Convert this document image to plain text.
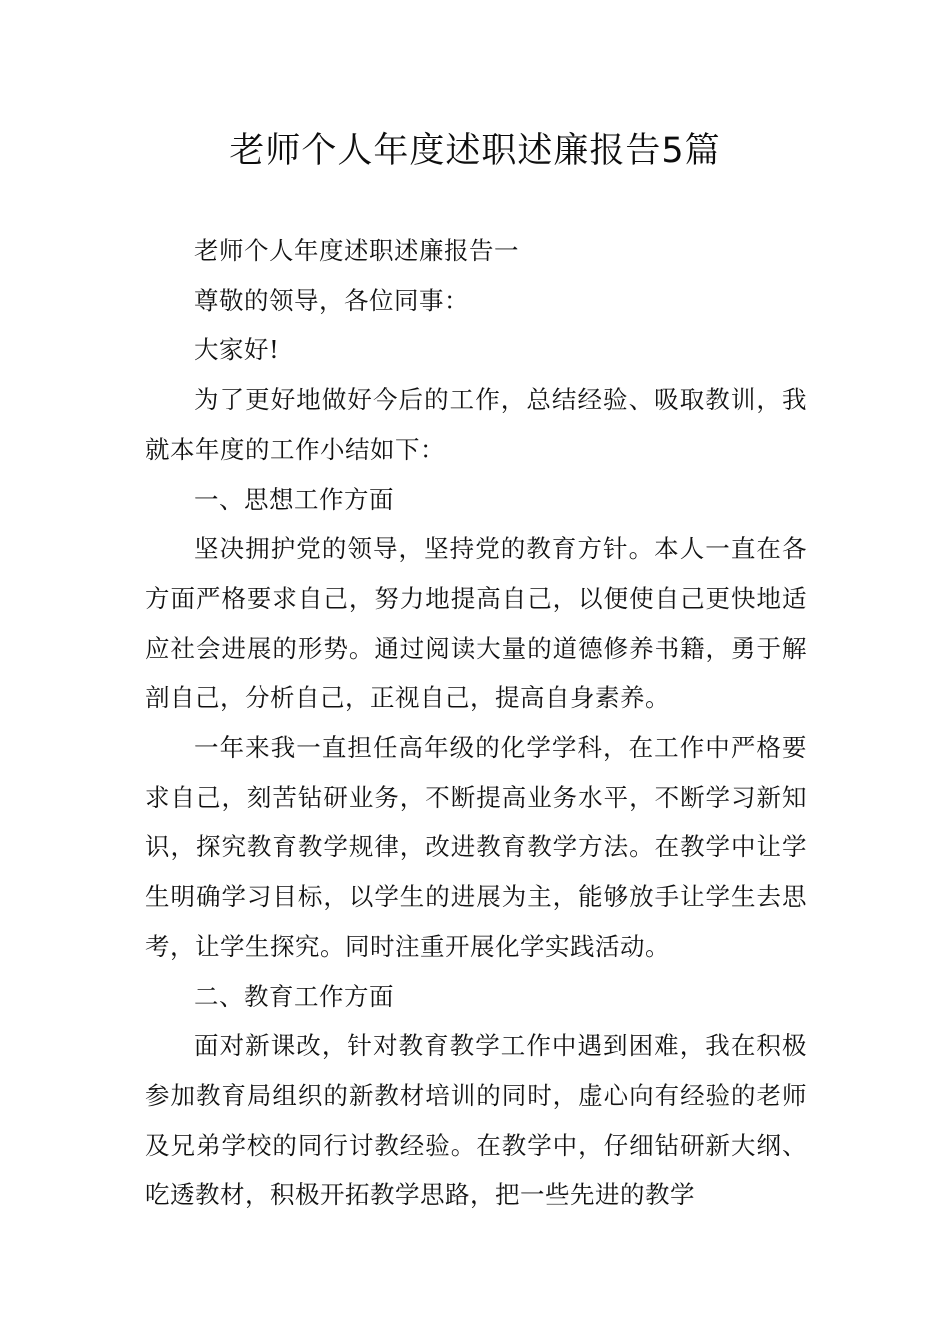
老师个人年度述职述廉报告5篇

老师个人年度述职述廉报告一

尊敬的领导，各位同事：

大家好!

为了更好地做好今后的工作，总结经验、吸取教训，我就本年度的工作小结如下：

一、思想工作方面

坚决拥护党的领导，坚持党的教育方针。本人一直在各方面严格要求自己，努力地提高自己，以便使自己更快地适应社会进展的形势。通过阅读大量的道德修养书籍，勇于解剖自己，分析自己，正视自己，提高自身素养。

一年来我一直担任高年级的化学学科，在工作中严格要求自己，刻苦钻研业务，不断提高业务水平，不断学习新知识，探究教育教学规律，改进教育教学方法。在教学中让学生明确学习目标，以学生的进展为主，能够放手让学生去思考，让学生探究。同时注重开展化学实践活动。

二、教育工作方面

面对新课改，针对教育教学工作中遇到困难，我在积极参加教育局组织的新教材培训的同时，虚心向有经验的老师及兄弟学校的同行讨教经验。在教学中，仔细钻研新大纲、吃透教材，积极开拓教学思路，把一些先进的教学
